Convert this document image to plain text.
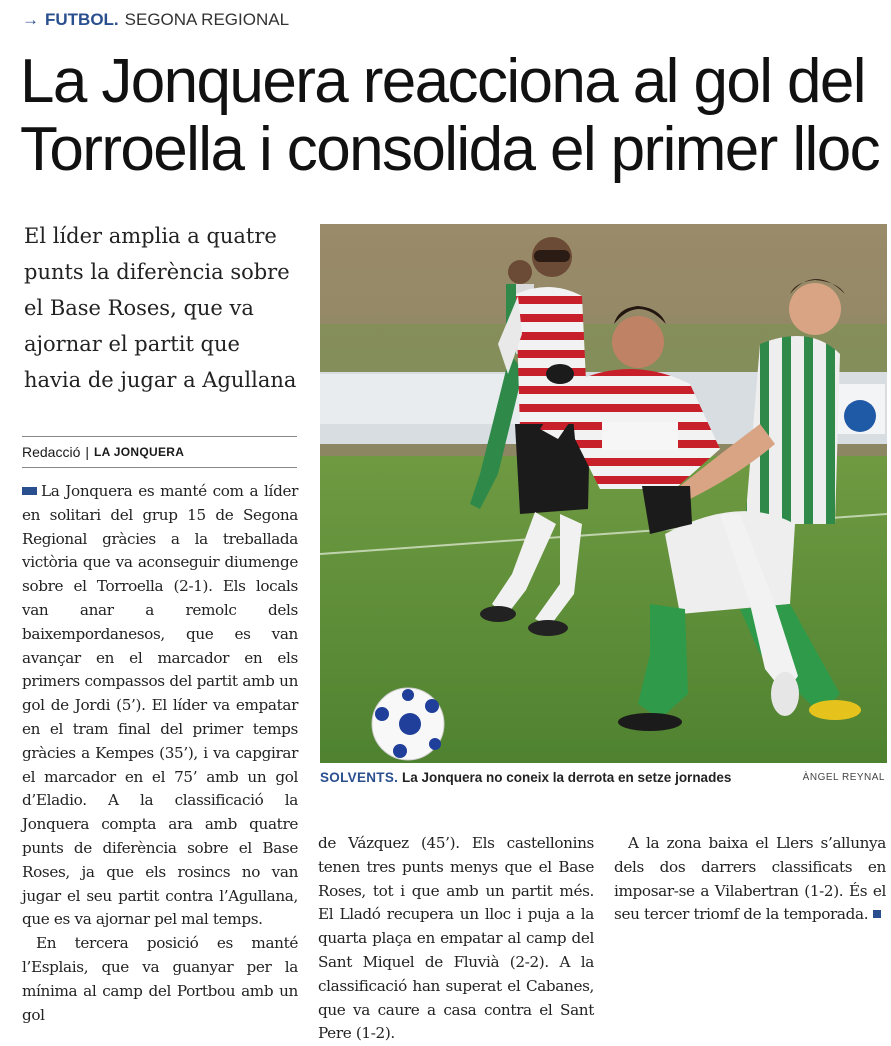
→ FUTBOL. SEGONA REGIONAL
La Jonquera reacciona al gol del Torroella i consolida el primer lloc

El líder amplia a quatre punts la diferència sobre el Base Roses, que va ajornar el partit que havia de jugar a Agullana

Redacció | LA JONQUERA
SOLVENTS. La Jonquera no coneix la derrota en setze jornades	ÀNGEL REYNAL

La Jonquera es manté com a líder en solitari del grup 15 de Segona Regional gràcies a la treballada victòria que va aconseguir diumenge sobre el Torroella (2-1). Els locals van anar a remolc dels baixempordanesos, que es van avançar en el marcador en els primers compassos del partit amb un gol de Jordi (5’). El líder va empatar en el tram final del primer temps gràcies a Kempes (35’), i va capgirar el marcador en el 75’ amb un gol d’Eladio. A la classificació la Jonquera compta ara amb quatre punts de diferència sobre el Base Roses, ja que els rosincs no van jugar el seu partit contra l’Agullana, que es va ajornar pel mal temps.

En tercera posició es manté l’Esplais, que va guanyar per la mínima al camp del Portbou amb un gol

de Vázquez (45’). Els castellonins tenen tres punts menys que el Base Roses, tot i que amb un partit més. El Lladó recupera un lloc i puja a la quarta plaça en empatar al camp del Sant Miquel de Fluvià (2-2). A la classificació han superat el Cabanes, que va caure a casa contra el Sant Pere (1-2).

A la zona baixa el Llers s’allunya dels dos darrers classificats en imposar-se a Vilabertran (1-2). És el seu tercer triomf de la temporada.
